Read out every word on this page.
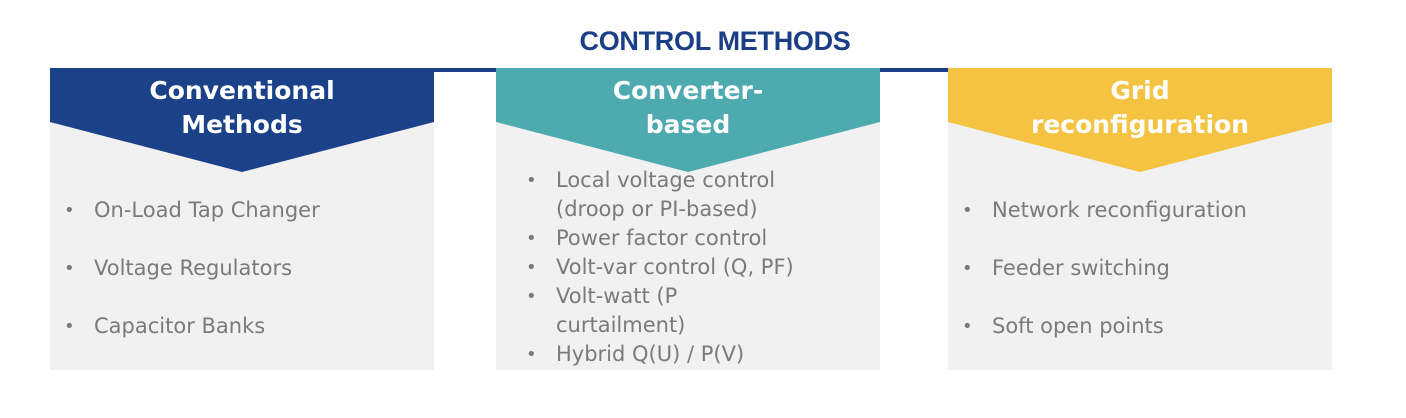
CONTROL METHODS
Conventional
Methods
• On-Load Tap Changer
• Voltage Regulators
• Capacitor Banks
Converter-
based
• Local voltage control
(droop or PI-based)
• Power factor control
• Volt-var control (Q, PF)
• Volt-watt (P
curtailment)
• Hybrid Q(U) / P(V)
Grid
reconfiguration
• Network reconfiguration
• Feeder switching
• Soft open points
